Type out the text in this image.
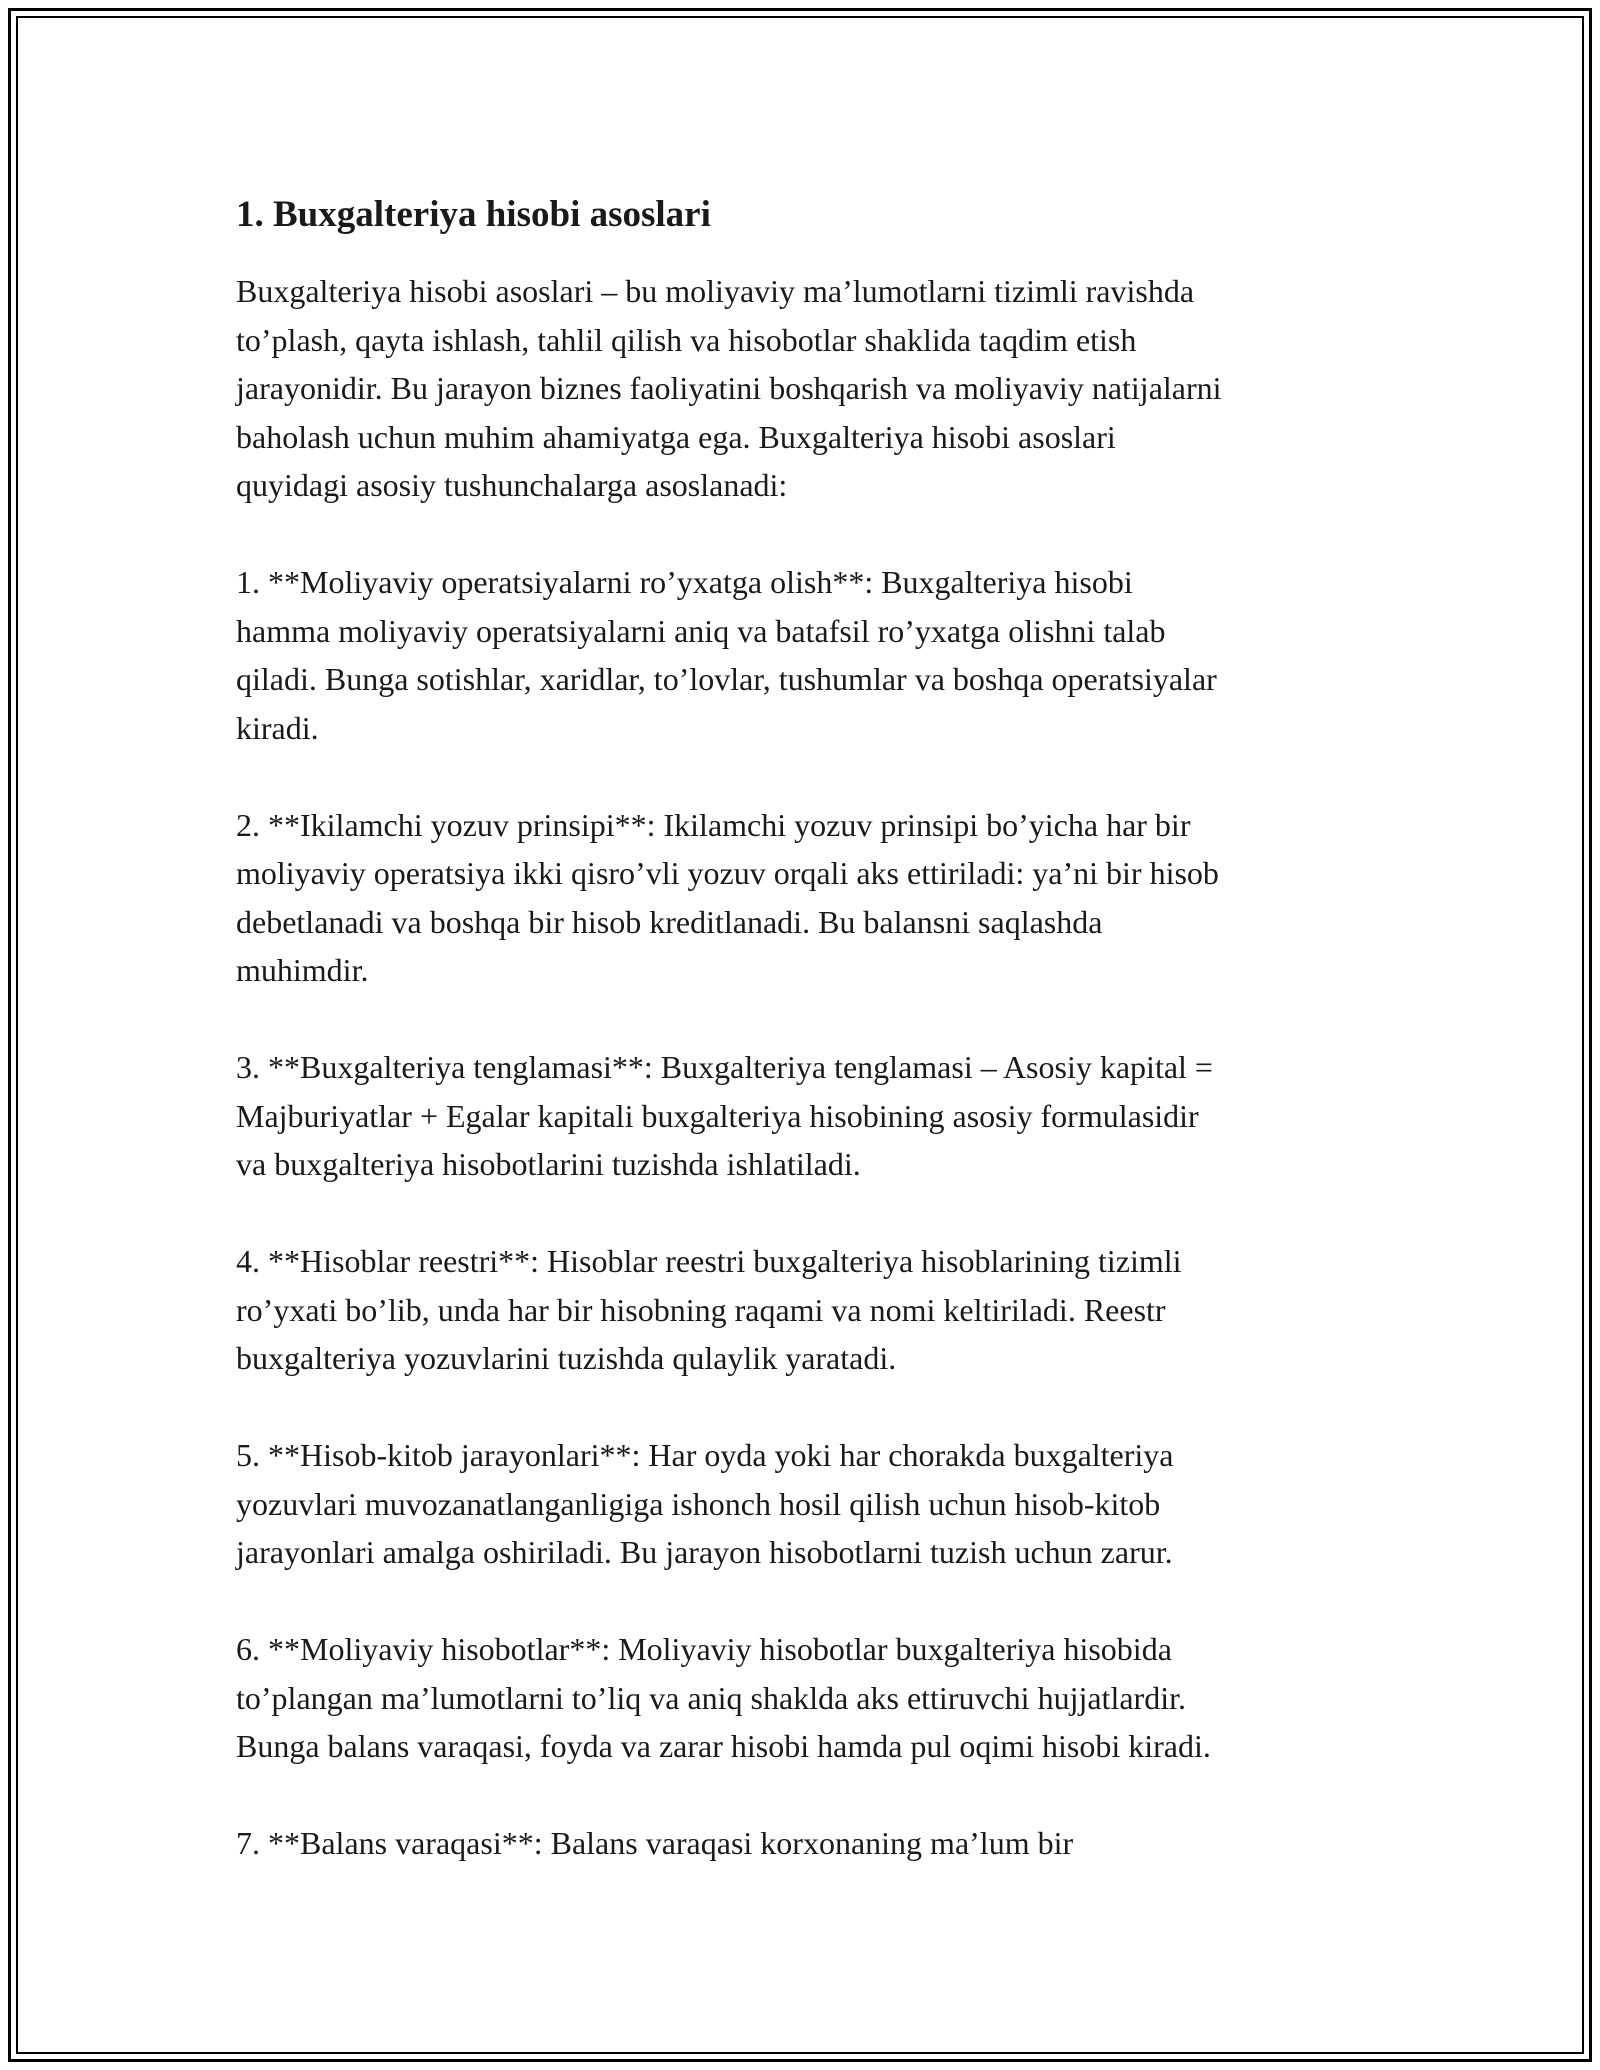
1. Buxgalteriya hisobi asoslari

Buxgalteriya hisobi asoslari – bu moliyaviy ma’lumotlarni tizimli ravishda
to’plash, qayta ishlash, tahlil qilish va hisobotlar shaklida taqdim etish
jarayonidir. Bu jarayon biznes faoliyatini boshqarish va moliyaviy natijalarni
baholash uchun muhim ahamiyatga ega. Buxgalteriya hisobi asoslari
quyidagi asosiy tushunchalarga asoslanadi:

1. **Moliyaviy operatsiyalarni ro’yxatga olish**: Buxgalteriya hisobi
hamma moliyaviy operatsiyalarni aniq va batafsil ro’yxatga olishni talab
qiladi. Bunga sotishlar, xaridlar, to’lovlar, tushumlar va boshqa operatsiyalar
kiradi.

2. **Ikilamchi yozuv prinsipi**: Ikilamchi yozuv prinsipi bo’yicha har bir
moliyaviy operatsiya ikki qisro’vli yozuv orqali aks ettiriladi: ya’ni bir hisob
debetlanadi va boshqa bir hisob kreditlanadi. Bu balansni saqlashda
muhimdir.

3. **Buxgalteriya tenglamasi**: Buxgalteriya tenglamasi – Asosiy kapital =
Majburiyatlar + Egalar kapitali buxgalteriya hisobining asosiy formulasidir
va buxgalteriya hisobotlarini tuzishda ishlatiladi.

4. **Hisoblar reestri**: Hisoblar reestri buxgalteriya hisoblarining tizimli
ro’yxati bo’lib, unda har bir hisobning raqami va nomi keltiriladi. Reestr
buxgalteriya yozuvlarini tuzishda qulaylik yaratadi.

5. **Hisob-kitob jarayonlari**: Har oyda yoki har chorakda buxgalteriya
yozuvlari muvozanatlanganligiga ishonch hosil qilish uchun hisob-kitob
jarayonlari amalga oshiriladi. Bu jarayon hisobotlarni tuzish uchun zarur.

6. **Moliyaviy hisobotlar**: Moliyaviy hisobotlar buxgalteriya hisobida
to’plangan ma’lumotlarni to’liq va aniq shaklda aks ettiruvchi hujjatlardir.
Bunga balans varaqasi, foyda va zarar hisobi hamda pul oqimi hisobi kiradi.

7. **Balans varaqasi**: Balans varaqasi korxonaning ma’lum bir
